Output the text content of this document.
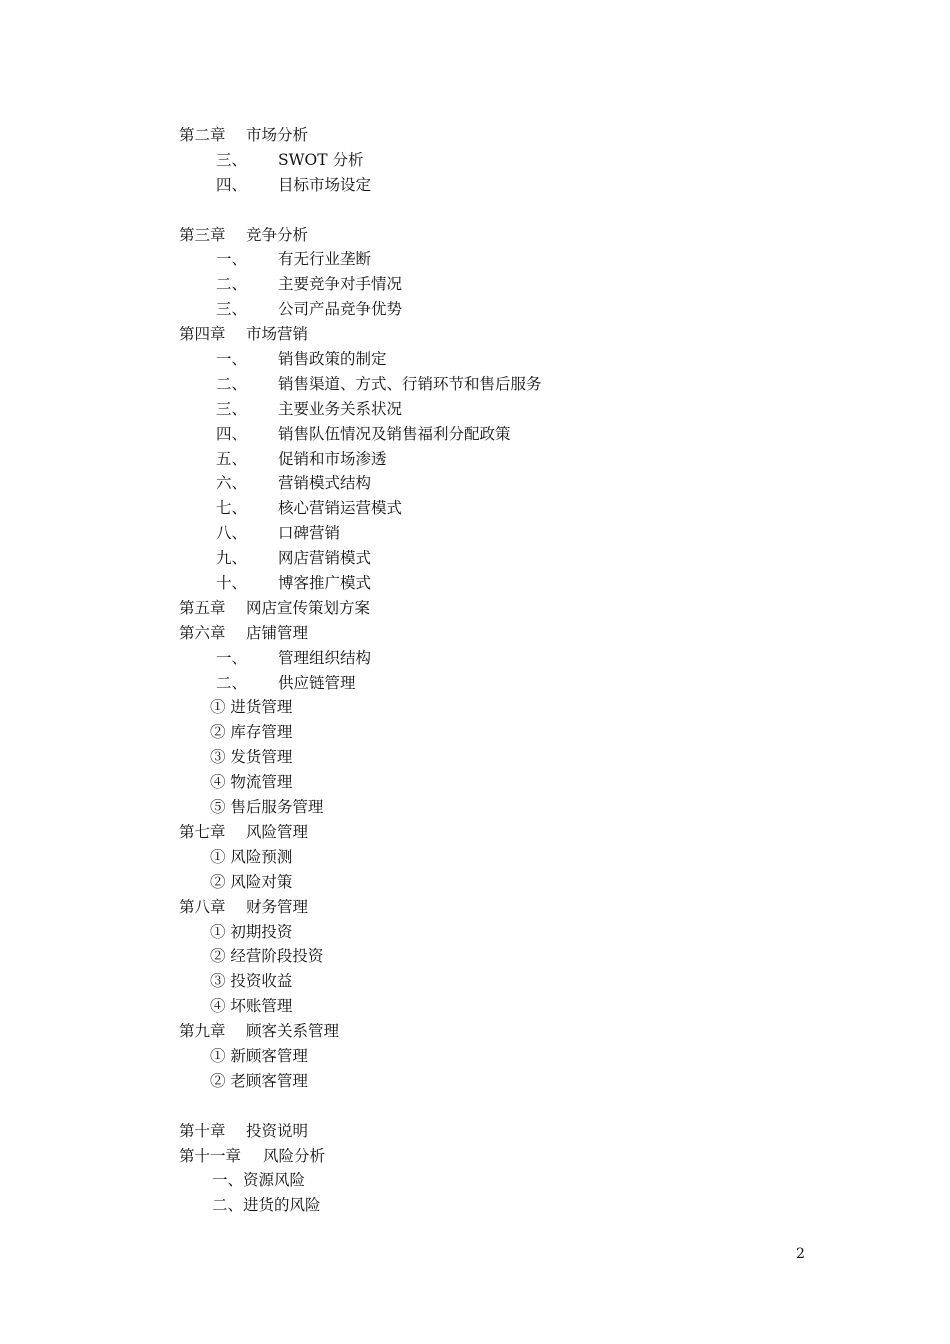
第二章 市场分析
三、 SWOT 分析
四、 目标市场设定
第三章 竞争分析
一、 有无行业垄断
二、 主要竞争对手情况
三、 公司产品竞争优势
第四章 市场营销
一、 销售政策的制定
二、 销售渠道、方式、行销环节和售后服务
三、 主要业务关系状况
四、 销售队伍情况及销售福利分配政策
五、 促销和市场渗透
六、 营销模式结构
七、 核心营销运营模式
八、 口碑营销
九、 网店营销模式
十、 博客推广模式
第五章 网店宣传策划方案
第六章 店铺管理
一、 管理组织结构
二、 供应链管理
① 进货管理
② 库存管理
③ 发货管理
④ 物流管理
⑤ 售后服务管理
第七章 风险管理
① 风险预测
② 风险对策
第八章 财务管理
① 初期投资
② 经营阶段投资
③ 投资收益
④ 坏账管理
第九章 顾客关系管理
① 新顾客管理
② 老顾客管理
第十章 投资说明
第十一章 风险分析
一、资源风险
二、进货的风险
2
